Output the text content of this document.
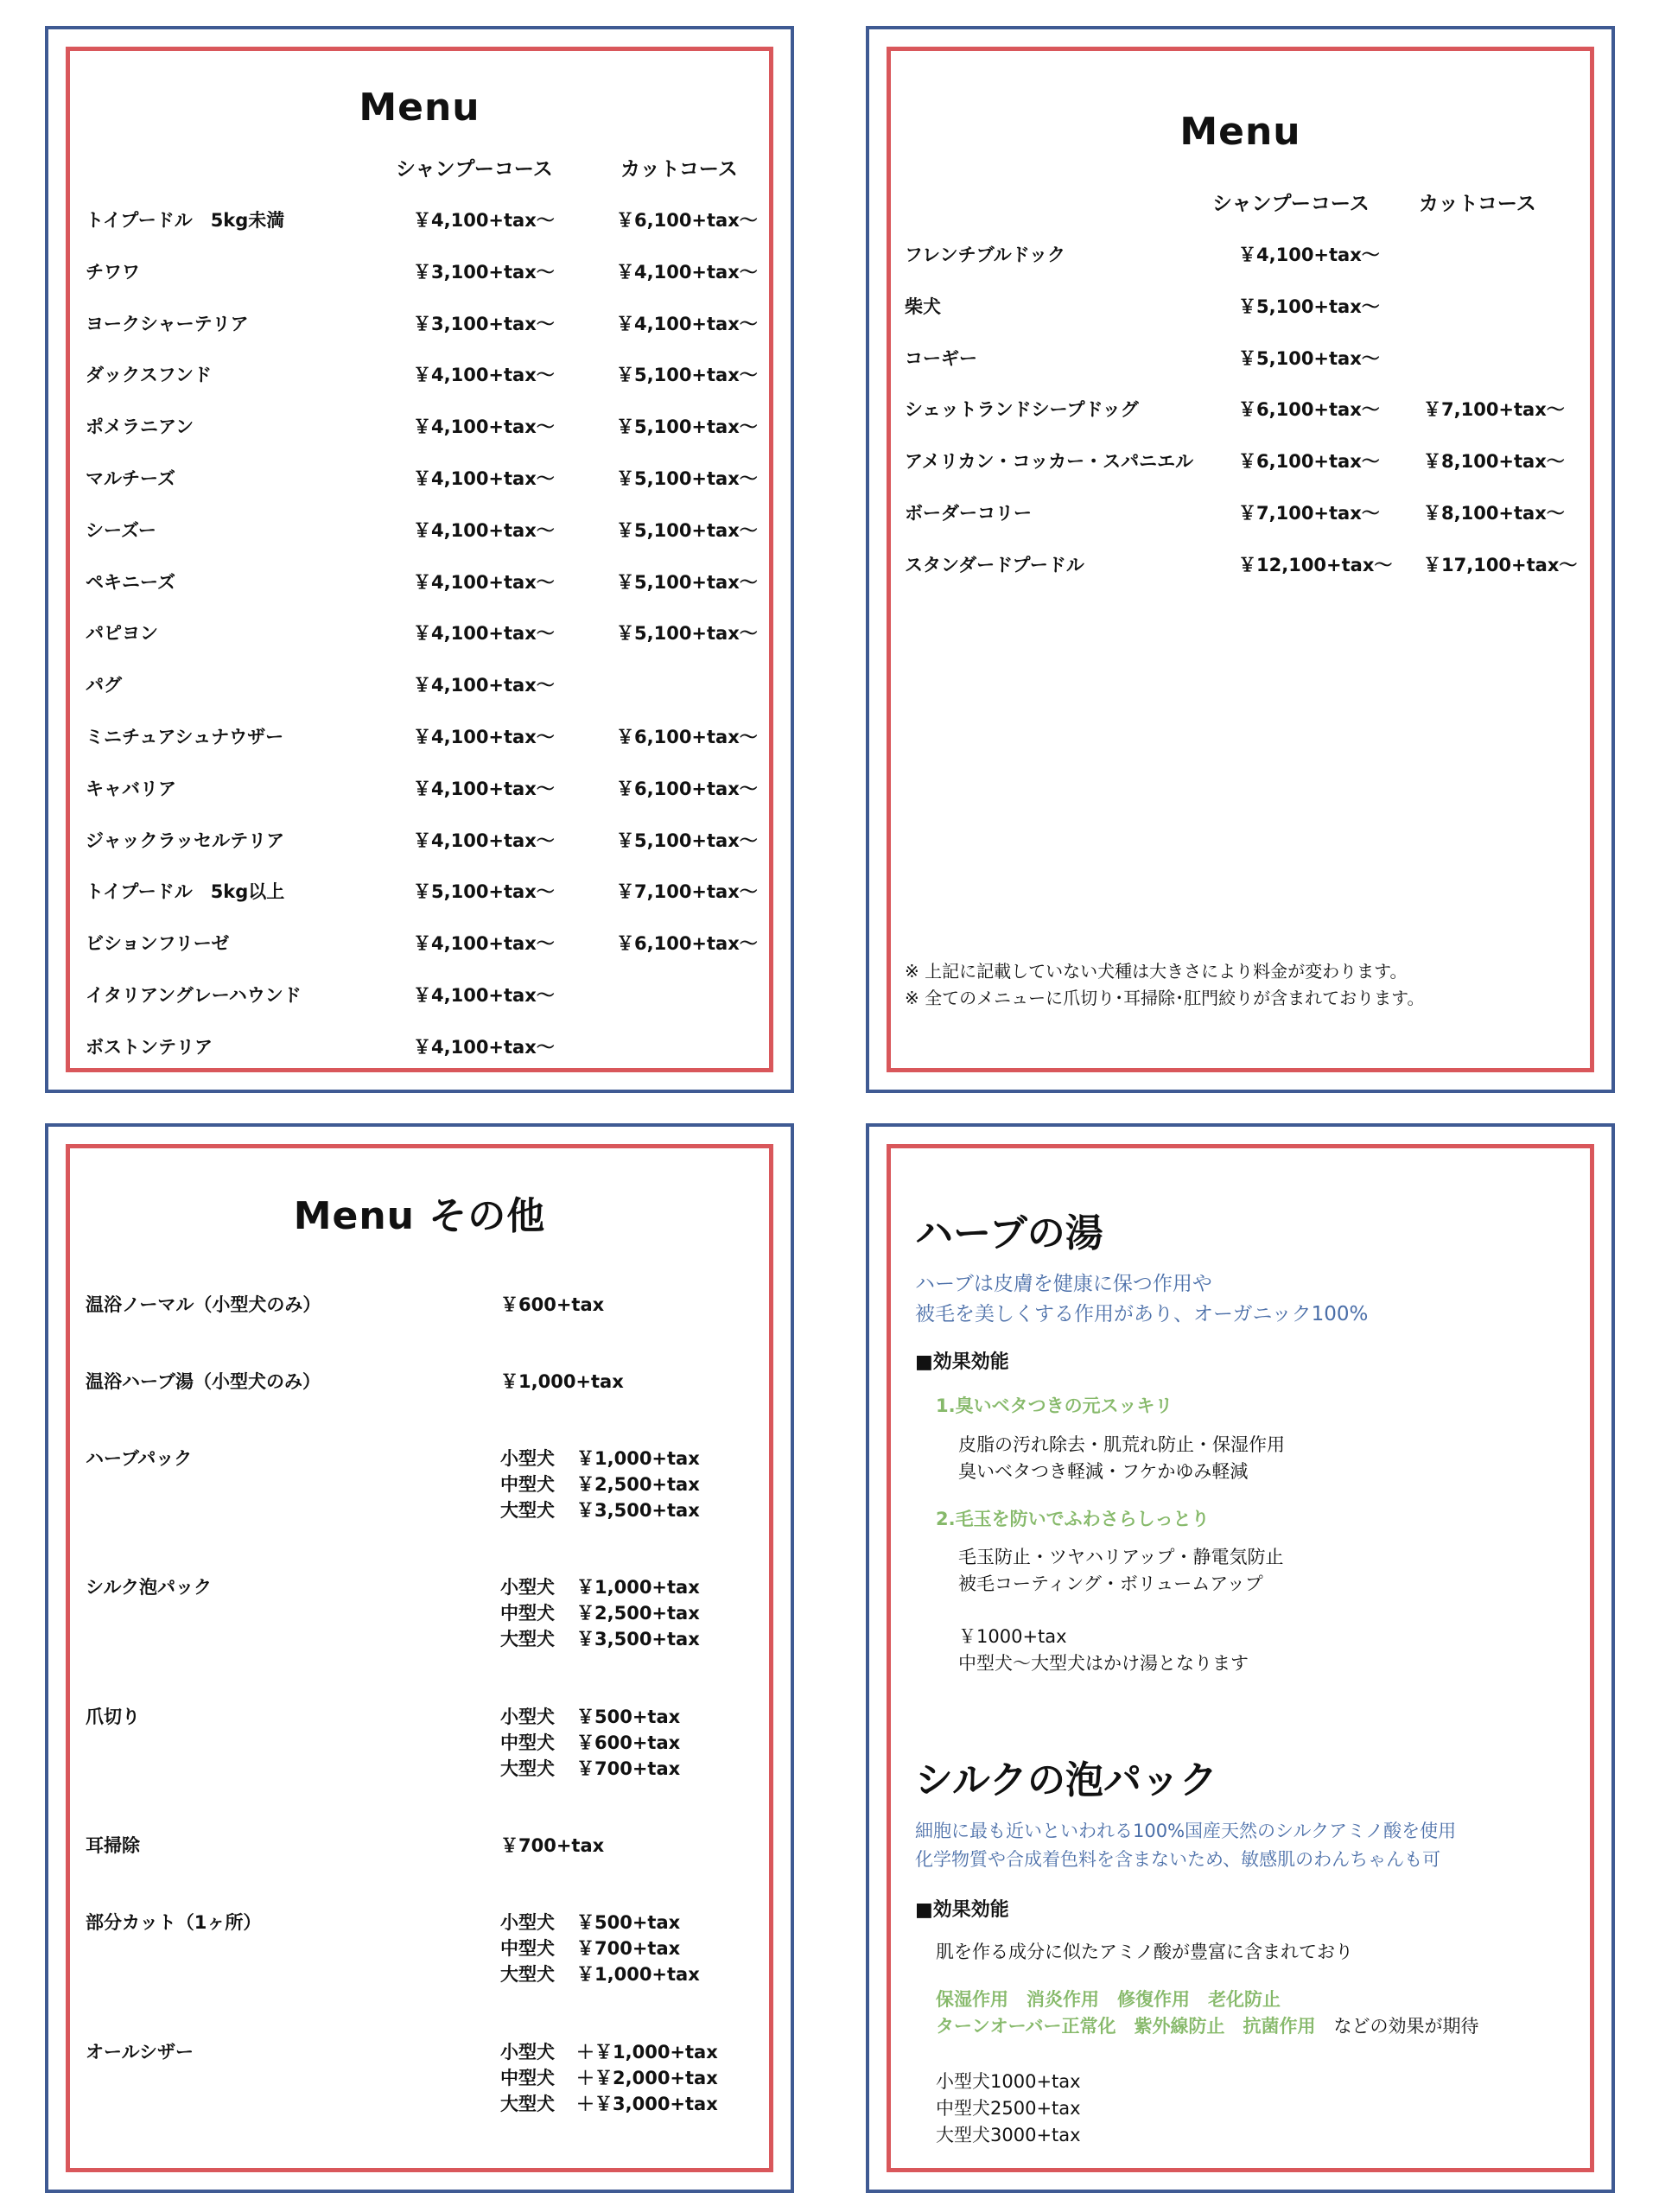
Menu
シャンプーコース	カットコース
トイプードル　5kg未満	￥4,100+tax～	￥6,100+tax～
チワワ	￥3,100+tax～	￥4,100+tax～
ヨークシャーテリア	￥3,100+tax～	￥4,100+tax～
ダックスフンド	￥4,100+tax～	￥5,100+tax～
ポメラニアン	￥4,100+tax～	￥5,100+tax～
マルチーズ	￥4,100+tax～	￥5,100+tax～
シーズー	￥4,100+tax～	￥5,100+tax～
ペキニーズ	￥4,100+tax～	￥5,100+tax～
パピヨン	￥4,100+tax～	￥5,100+tax～
パグ	￥4,100+tax～
ミニチュアシュナウザー	￥4,100+tax～	￥6,100+tax～
キャバリア	￥4,100+tax～	￥6,100+tax～
ジャックラッセルテリア	￥4,100+tax～	￥5,100+tax～
トイプードル　5kg以上	￥5,100+tax～	￥7,100+tax～
ビションフリーゼ	￥4,100+tax～	￥6,100+tax～
イタリアングレーハウンド	￥4,100+tax～
ボストンテリア	￥4,100+tax～
Menu
シャンプーコース カットコース
フレンチブルドック	￥4,100+tax～
柴犬	￥5,100+tax～
コーギー	￥5,100+tax～
シェットランドシープドッグ	￥6,100+tax～ ￥7,100+tax～
アメリカン・コッカー・スパニエル ￥6,100+tax～ ￥8,100+tax～
ボーダーコリー	￥7,100+tax～ ￥8,100+tax～
スタンダードプードル	￥12,100+tax～ ￥17,100+tax～
※ 上記に記載していない犬種は大きさにより料金が変わります。
※ 全てのメニューに爪切り･耳掃除･肛門絞りが含まれております。
Menu その他
温浴ノーマル（小型犬のみ）	￥600+tax
温浴ハーブ湯（小型犬のみ）	￥1,000+tax
ハーブパック	小型犬 ￥1,000+tax
中型犬 ￥2,500+tax
大型犬 ￥3,500+tax
シルク泡パック	小型犬 ￥1,000+tax
中型犬 ￥2,500+tax
大型犬 ￥3,500+tax
爪切り	小型犬 ￥500+tax
中型犬 ￥600+tax
大型犬 ￥700+tax
耳掃除	￥700+tax
部分カット（1ヶ所）	小型犬 ￥500+tax
中型犬 ￥700+tax
大型犬 ￥1,000+tax
オールシザー	小型犬 ＋￥1,000+tax
中型犬 ＋￥2,000+tax
大型犬 ＋￥3,000+tax
ハーブの湯
ハーブは皮膚を健康に保つ作用や
被毛を美しくする作用があり、オーガニック100%
■効果効能
1.臭いベタつきの元スッキリ
皮脂の汚れ除去・肌荒れ防止・保湿作用
臭いベタつき軽減・フケかゆみ軽減
2.毛玉を防いでふわさらしっとり
毛玉防止・ツヤハリアップ・静電気防止
被毛コーティング・ボリュームアップ
￥1000+tax
中型犬～大型犬はかけ湯となります
シルクの泡パック
細胞に最も近いといわれる100%国産天然のシルクアミノ酸を使用
化学物質や合成着色料を含まないため、敏感肌のわんちゃんも可
■効果効能
肌を作る成分に似たアミノ酸が豊富に含まれており
保湿作用　消炎作用　修復作用　老化防止
ターンオーバー正常化　紫外線防止　抗菌作用　 などの効果が期待
小型犬1000+tax
中型犬2500+tax
大型犬3000+tax
